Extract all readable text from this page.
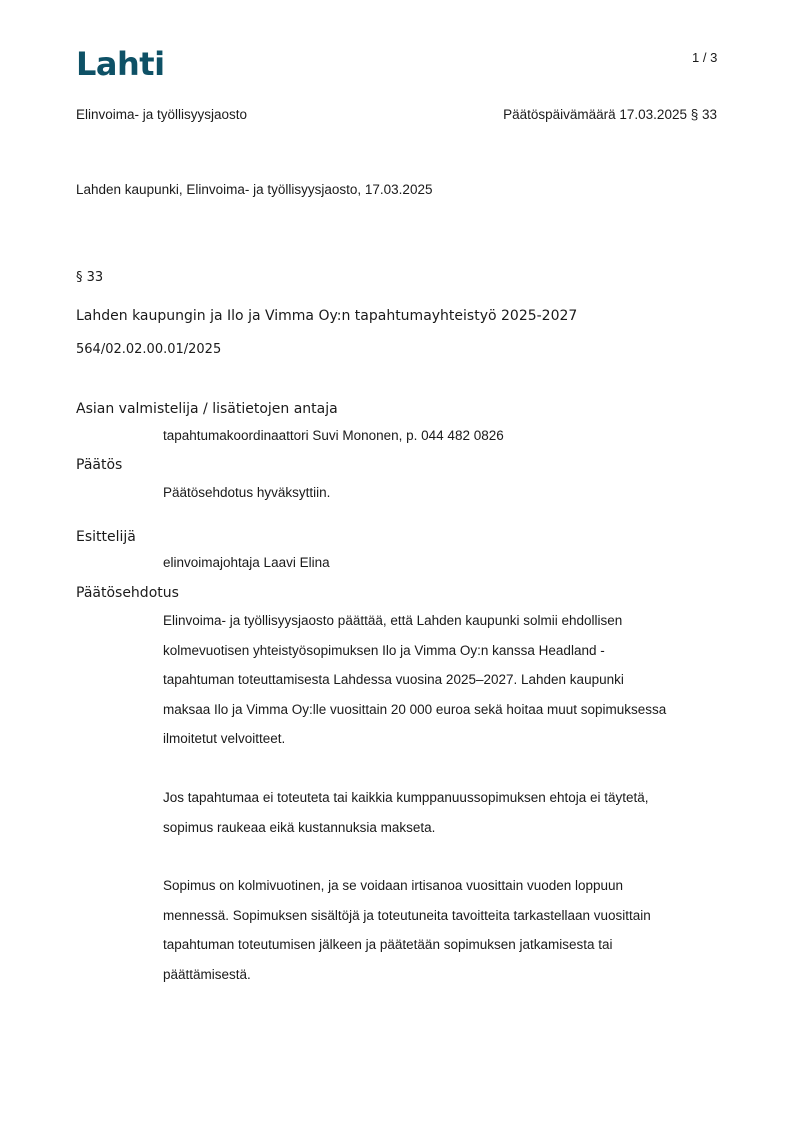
Lahti	1 / 3
Elinvoima- ja työllisyysjaosto	Päätöspäivämäärä 17.03.2025 § 33
Lahden kaupunki, Elinvoima- ja työllisyysjaosto, 17.03.2025
§ 33
Lahden kaupungin ja Ilo ja Vimma Oy:n tapahtumayhteistyö 2025-2027
564/02.02.00.01/2025
Asian valmistelija / lisätietojen antaja
tapahtumakoordinaattori Suvi Mononen, p. 044 482 0826
Päätös
Päätösehdotus hyväksyttiin.
Esittelijä
elinvoimajohtaja Laavi Elina
Päätösehdotus

Elinvoima- ja työllisyysjaosto päättää, että Lahden kaupunki solmii ehdollisen

kolmevuotisen yhteistyösopimuksen Ilo ja Vimma Oy:n kanssa Headland -

tapahtuman toteuttamisesta Lahdessa vuosina 2025–2027. Lahden kaupunki

maksaa Ilo ja Vimma Oy:lle vuosittain 20 000 euroa sekä hoitaa muut sopimuksessa

ilmoitetut velvoitteet.

Jos tapahtumaa ei toteuteta tai kaikkia kumppanuussopimuksen ehtoja ei täytetä,

sopimus raukeaa eikä kustannuksia makseta.

Sopimus on kolmivuotinen, ja se voidaan irtisanoa vuosittain vuoden loppuun

mennessä. Sopimuksen sisältöjä ja toteutuneita tavoitteita tarkastellaan vuosittain

tapahtuman toteutumisen jälkeen ja päätetään sopimuksen jatkamisesta tai

päättämisestä.
